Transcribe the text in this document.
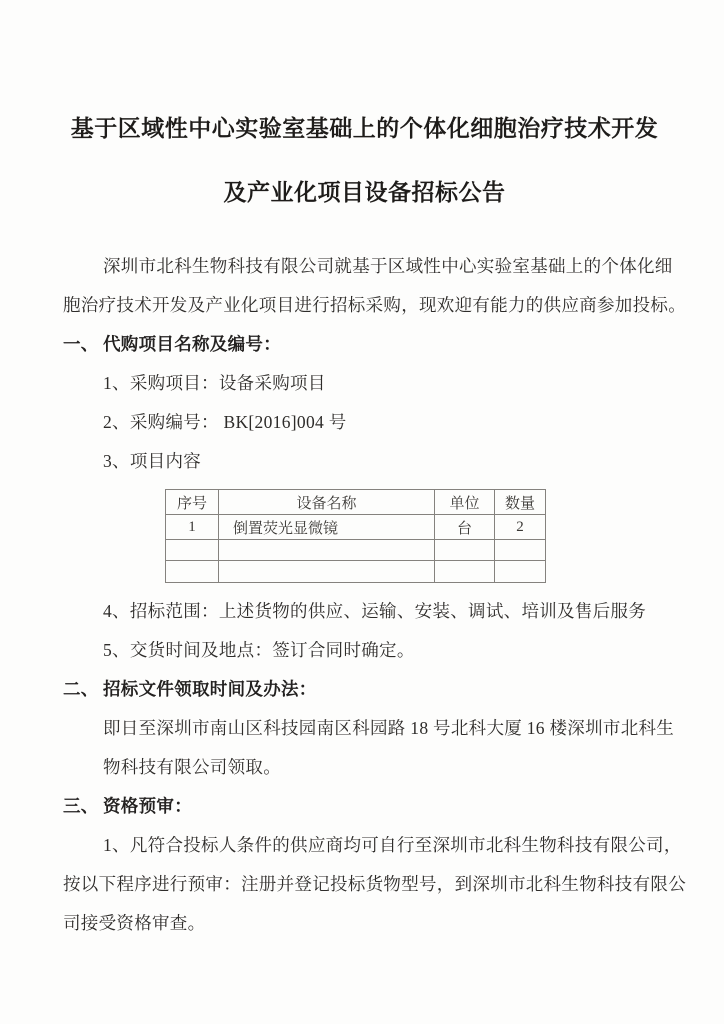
基于区域性中心实验室基础上的个体化细胞治疗技术开发
及产业化项目设备招标公告
深圳市北科生物科技有限公司就基于区域性中心实验室基础上的个体化细
胞治疗技术开发及产业化项目进行招标采购，现欢迎有能力的供应商参加投标。
一、 代购项目名称及编号：
1、采购项目：设备采购项目
2、采购编号： BK[2016]004 号
3、项目内容
序号	设备名称	单位	数量
1	倒置荧光显微镜	台	2

4、招标范围：上述货物的供应、运输、安装、调试、培训及售后服务
5、交货时间及地点：签订合同时确定。
二、 招标文件领取时间及办法：
即日至深圳市南山区科技园南区科园路 18 号北科大厦 16 楼深圳市北科生
物科技有限公司领取。
三、 资格预审：
1、凡符合投标人条件的供应商均可自行至深圳市北科生物科技有限公司，
按以下程序进行预审：注册并登记投标货物型号，到深圳市北科生物科技有限公
司接受资格审查。
